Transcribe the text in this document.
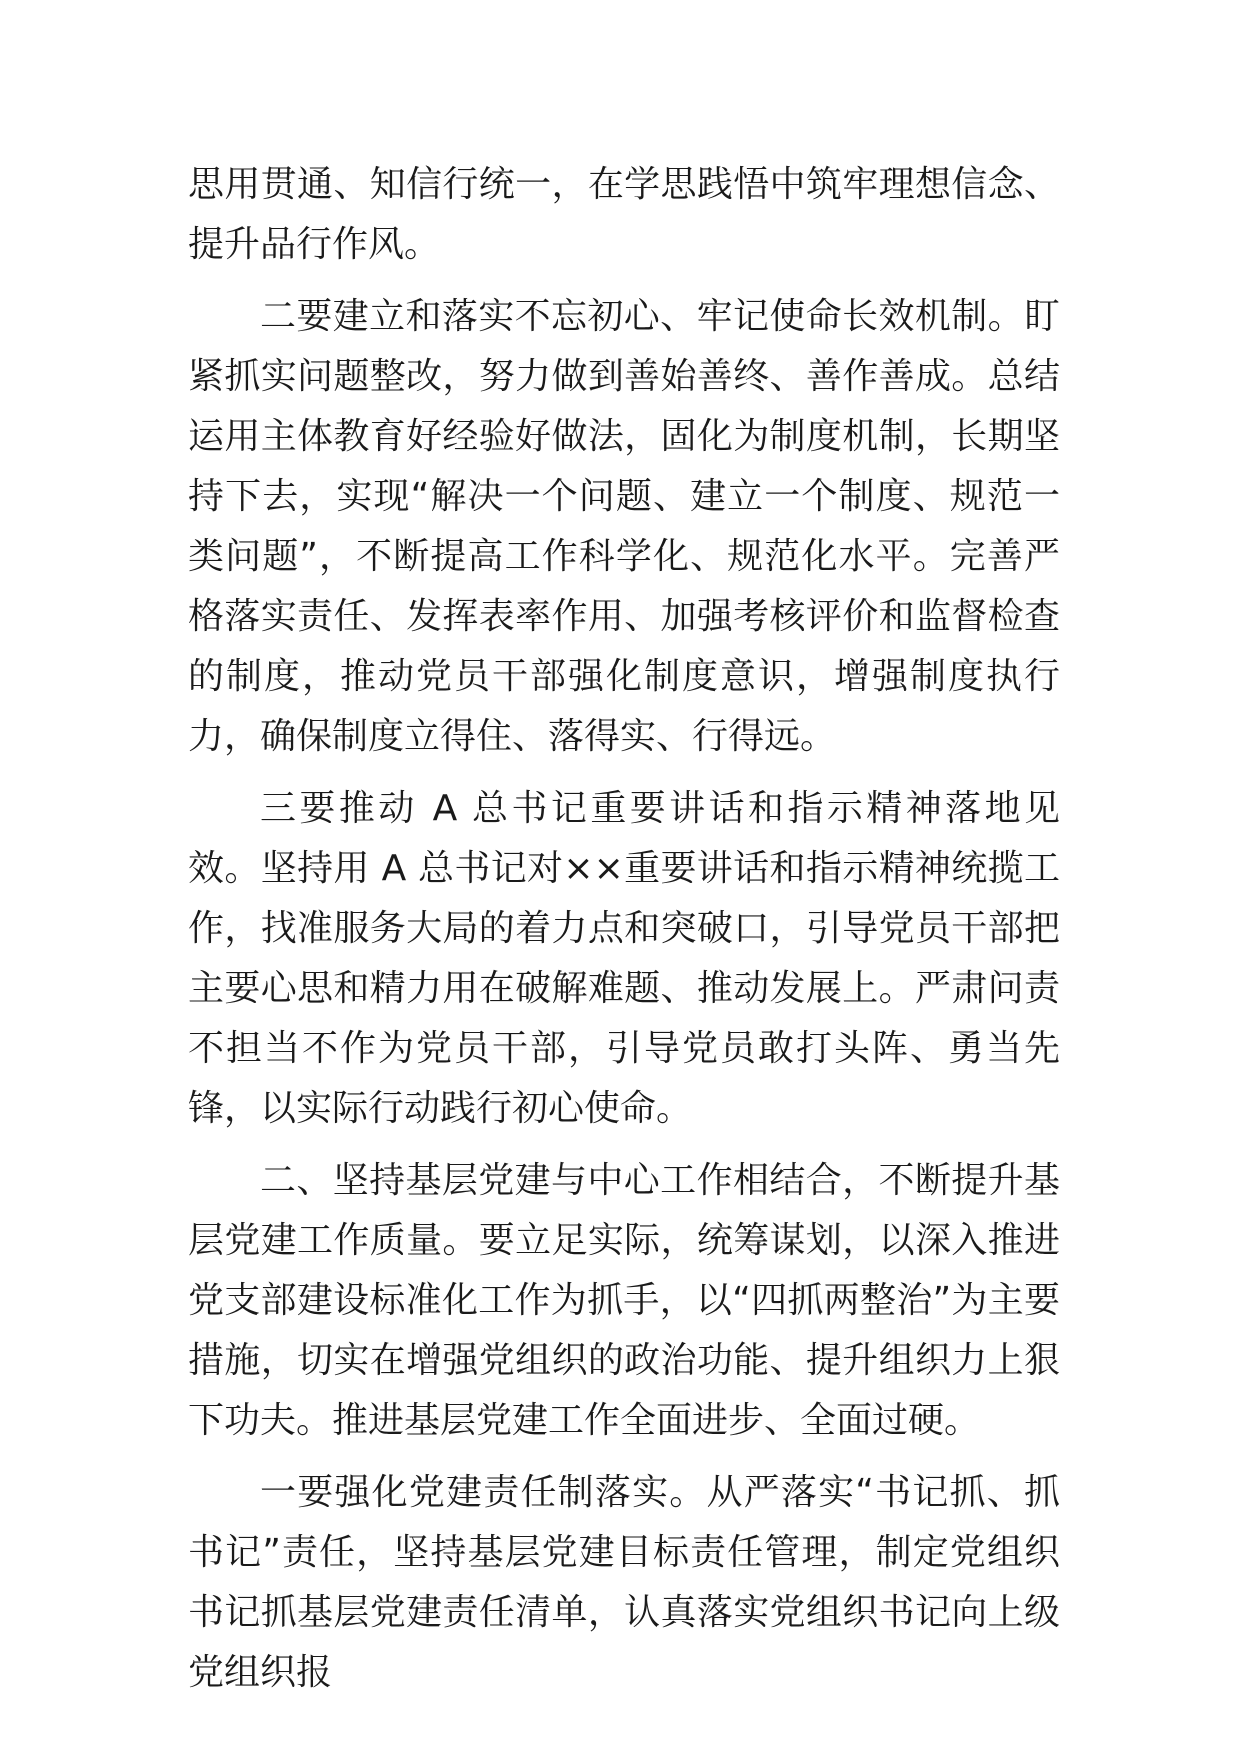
思用贯通、知信行统一，在学思践悟中筑牢理想信念、提升品行作风。

二要建立和落实不忘初心、牢记使命长效机制。盯紧抓实问题整改，努力做到善始善终、善作善成。总结运用主体教育好经验好做法，固化为制度机制，长期坚持下去，实现“解决一个问题、建立一个制度、规范一类问题”，不断提高工作科学化、规范化水平。完善严格落实责任、发挥表率作用、加强考核评价和监督检查的制度，推动党员干部强化制度意识，增强制度执行力，确保制度立得住、落得实、行得远。

三要推动 A 总书记重要讲话和指示精神落地见效。坚持用 A 总书记对××重要讲话和指示精神统揽工作，找准服务大局的着力点和突破口，引导党员干部把主要心思和精力用在破解难题、推动发展上。严肃问责不担当不作为党员干部，引导党员敢打头阵、勇当先锋，以实际行动践行初心使命。

二、坚持基层党建与中心工作相结合，不断提升基层党建工作质量。要立足实际，统筹谋划，以深入推进党支部建设标准化工作为抓手，以“四抓两整治”为主要措施，切实在增强党组织的政治功能、提升组织力上狠下功夫。推进基层党建工作全面进步、全面过硬。

一要强化党建责任制落实。从严落实“书记抓、抓书记”责任，坚持基层党建目标责任管理，制定党组织书记抓基层党建责任清单，认真落实党组织书记向上级党组织报
